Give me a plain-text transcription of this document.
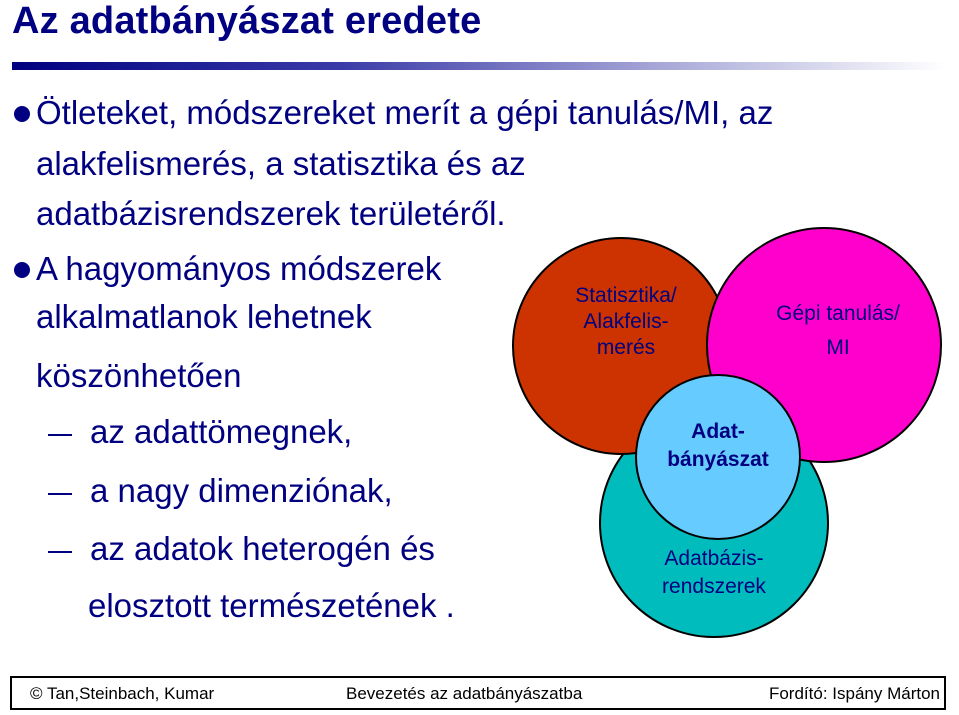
Az adatbányászat eredete
Ötleteket, módszereket merít a gépi tanulás/MI, az
alakfelismerés, a statisztika és az
adatbázisrendszerek területéről.
A hagyományos módszerek
alkalmatlanok lehetnek
köszönhetően
az adattömegnek,
a nagy dimenziónak,
az adatok heterogén és
elosztott természetének .
Statisztika/
Alakfelis-
merés
Gépi tanulás/
MI
Adat-
bányászat
Adatbázis-
rendszerek
© Tan,Steinbach, Kumar	Bevezetés az adatbányászatba	Fordító: Ispány Márton
